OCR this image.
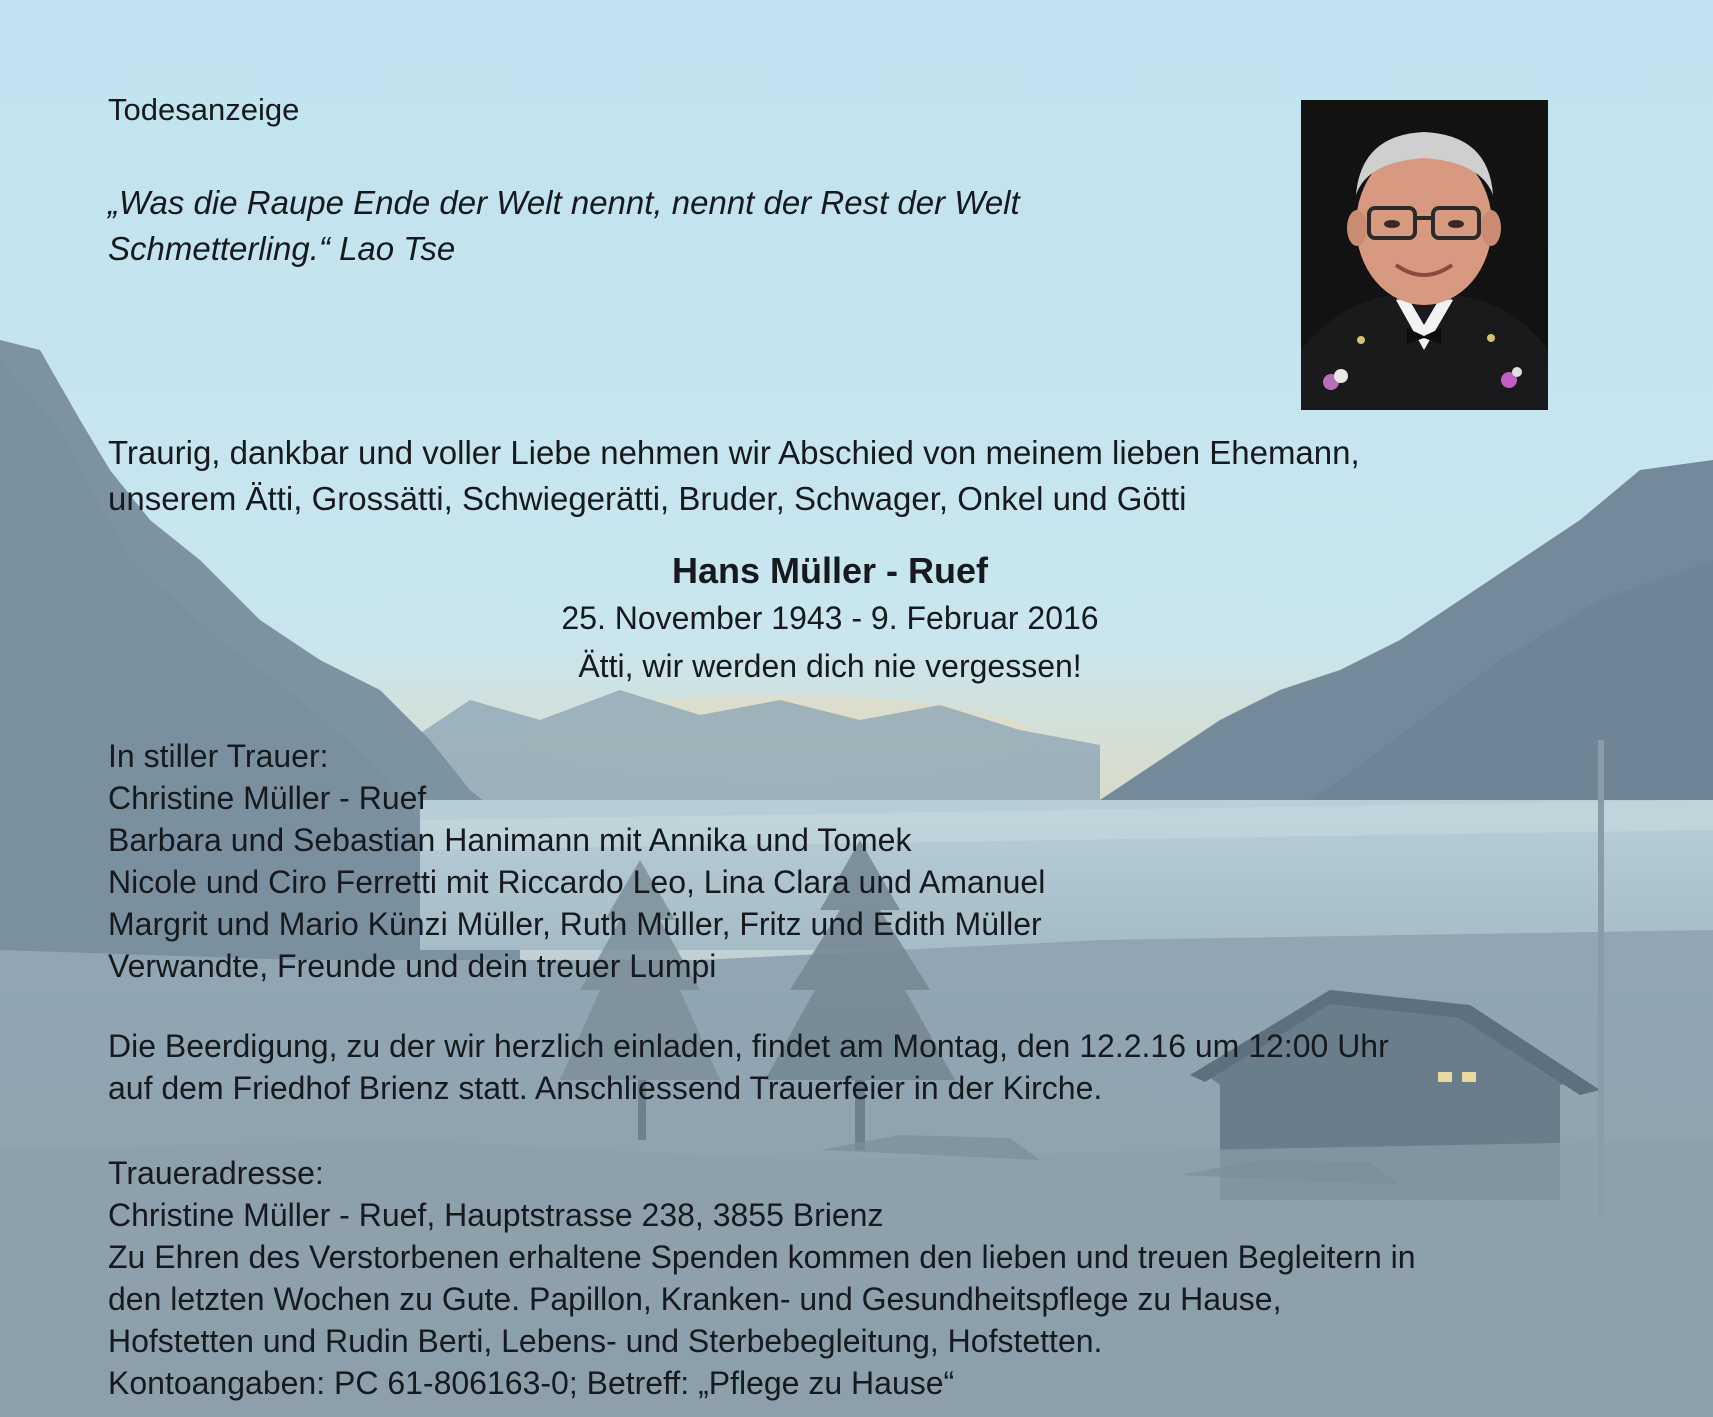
Todesanzeige

„Was die Raupe Ende der Welt nennt, nennt der Rest der Welt
Schmetterling.“ Lao Tse

Traurig, dankbar und voller Liebe nehmen wir Abschied von meinem lieben Ehemann,
unserem Ätti, Grossätti, Schwiegerätti, Bruder, Schwager, Onkel und Götti

Hans Müller - Ruef

25. November 1943 - 9. Februar 2016

Ätti, wir werden dich nie vergessen!

In stiller Trauer:
Christine Müller - Ruef
Barbara und Sebastian Hanimann mit Annika und Tomek
Nicole und Ciro Ferretti mit Riccardo Leo, Lina Clara und Amanuel
Margrit und Mario Künzi Müller, Ruth Müller, Fritz und Edith Müller
Verwandte, Freunde und dein treuer Lumpi

Die Beerdigung, zu der wir herzlich einladen, findet am Montag, den 12.2.16 um 12:00 Uhr
auf dem Friedhof Brienz statt. Anschliessend Trauerfeier in der Kirche.

Traueradresse:
Christine Müller - Ruef, Hauptstrasse 238, 3855 Brienz
Zu Ehren des Verstorbenen erhaltene Spenden kommen den lieben und treuen Begleitern in
den letzten Wochen zu Gute. Papillon, Kranken- und Gesundheitspflege zu Hause,
Hofstetten und Rudin Berti, Lebens- und Sterbebegleitung, Hofstetten.
Kontoangaben: PC 61-806163-0; Betreff: „Pflege zu Hause“
